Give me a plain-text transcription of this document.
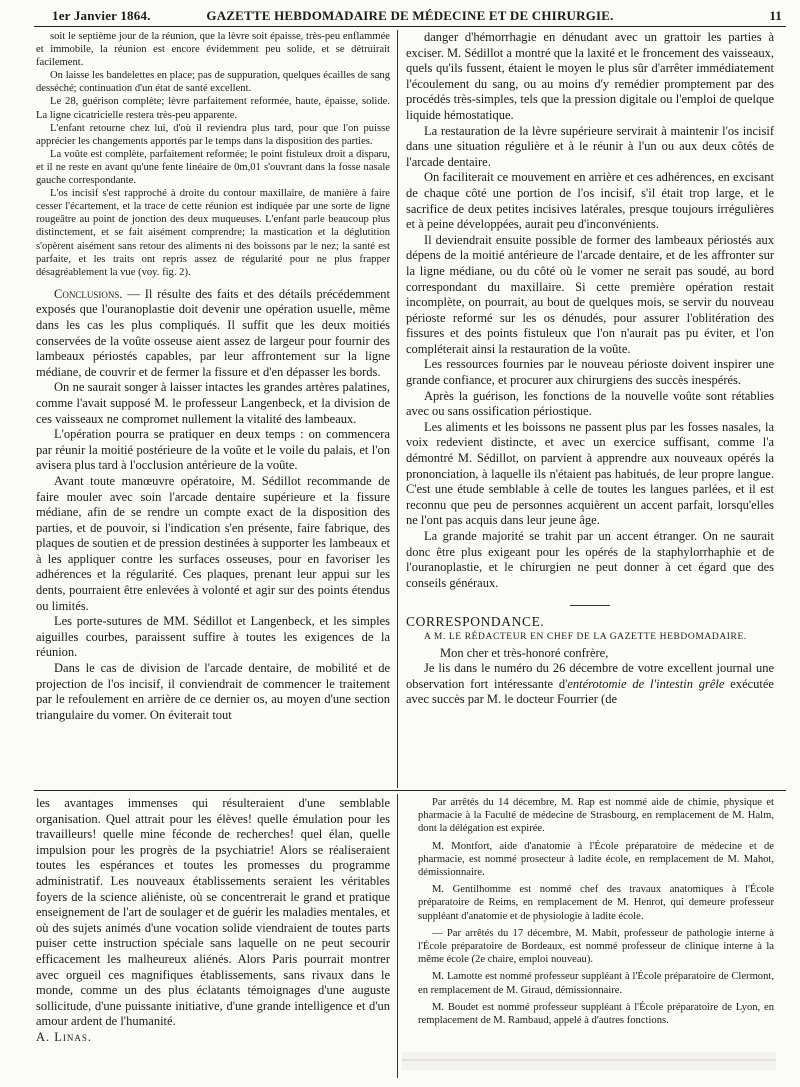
1er Janvier 1864.	GAZETTE HEBDOMADAIRE DE MÉDECINE ET DE CHIRURGIE.	11

soit le septième jour de la réunion, que la lèvre soit épaisse, très-peu enflammée et immobile, la réunion est encore évidemment peu solide, et se détruirait facilement.

On laisse les bandelettes en place; pas de suppuration, quelques écailles de sang desséché; continuation d'un état de santé excellent.

Le 28, guérison complète; lèvre parfaitement reformée, haute, épaisse, solide. La ligne cicatricielle restera très-peu apparente.

L'enfant retourne chez lui, d'où il reviendra plus tard, pour que l'on puisse apprécier les changements apportés par le temps dans la disposition des parties.

La voûte est complète, parfaitement reformée; le point fistuleux droit a disparu, et il ne reste en avant qu'une fente linéaire de 0m,01 s'ouvrant dans la fosse nasale gauche correspondante.

L'os incisif s'est rapproché à droite du contour maxillaire, de manière à faire cesser l'écartement, et la trace de cette réunion est indiquée par une sorte de ligne rougeâtre au point de jonction des deux muqueuses. L'enfant parle beaucoup plus distinctement, et se fait aisément comprendre; la mastication et la déglutition s'opèrent aisément sans retour des aliments ni des boissons par le nez; la santé est parfaite, et les traits ont repris assez de régularité pour ne plus frapper désagréablement la vue (voy. fig. 2).

Conclusions. — Il résulte des faits et des détails précédemment exposés que l'ouranoplastie doit devenir une opération usuelle, même dans les cas les plus compliqués. Il suffit que les deux moitiés conservées de la voûte osseuse aient assez de largeur pour fournir des lambeaux périostés capables, par leur affrontement sur la ligne médiane, de couvrir et de fermer la fissure et d'en dépasser les bords.

On ne saurait songer à laisser intactes les grandes artères palatines, comme l'avait supposé M. le professeur Langenbeck, et la division de ces vaisseaux ne compromet nullement la vitalité des lambeaux.

L'opération pourra se pratiquer en deux temps : on commencera par réunir la moitié postérieure de la voûte et le voile du palais, et l'on avisera plus tard à l'occlusion antérieure de la voûte.

Avant toute manœuvre opératoire, M. Sédillot recommande de faire mouler avec soin l'arcade dentaire supérieure et la fissure médiane, afin de se rendre un compte exact de la disposition des parties, et de pouvoir, si l'indication s'en présente, faire fabrique, des plaques de soutien et de pression destinées à supporter les lambeaux et à les appliquer contre les surfaces osseuses, pour en favoriser les adhérences et la régularité. Ces plaques, prenant leur appui sur les dents, pourraient être enlevées à volonté et agir sur des points étendus ou limités.

Les porte-sutures de MM. Sédillot et Langenbeck, et les simples aiguilles courbes, paraissent suffire à toutes les exigences de la réunion.

Dans le cas de division de l'arcade dentaire, de mobilité et de projection de l'os incisif, il conviendrait de commencer le traitement par le refoulement en arrière de ce dernier os, au moyen d'une section triangulaire du vomer. On éviterait tout

danger d'hémorrhagie en dénudant avec un grattoir les parties à exciser. M. Sédillot a montré que la laxité et le froncement des vaisseaux, quels qu'ils fussent, étaient le moyen le plus sûr d'arrêter immédiatement l'écoulement du sang, ou au moins d'y remédier promptement par des procédés très-simples, tels que la pression digitale ou l'emploi de quelque liquide hémostatique.

La restauration de la lèvre supérieure servirait à maintenir l'os incisif dans une situation régulière et à le réunir à l'un ou aux deux côtés de l'arcade dentaire.

On faciliterait ce mouvement en arrière et ces adhérences, en excisant de chaque côté une portion de l'os incisif, s'il était trop large, et le sacrifice de deux petites incisives latérales, presque toujours irrégulières et à peine développées, aurait peu d'inconvénients.

Il deviendrait ensuite possible de former des lambeaux périostés aux dépens de la moitié antérieure de l'arcade dentaire, et de les affronter sur la ligne médiane, ou du côté où le vomer ne serait pas soudé, au bord correspondant du maxillaire. Si cette première opération restait incomplète, on pourrait, au bout de quelques mois, se servir du nouveau périoste reformé sur les os dénudés, pour assurer l'oblitération des fissures et des points fistuleux que l'on n'aurait pas pu éviter, et l'on compléterait ainsi la restauration de la voûte.

Les ressources fournies par le nouveau périoste doivent inspirer une grande confiance, et procurer aux chirurgiens des succès inespérés.

Après la guérison, les fonctions de la nouvelle voûte sont rétablies avec ou sans ossification périostique.

Les aliments et les boissons ne passent plus par les fosses nasales, la voix redevient distincte, et avec un exercice suffisant, comme l'a démontré M. Sédillot, on parvient à apprendre aux nouveaux opérés la prononciation, à laquelle ils n'étaient pas habitués, de leur propre langue. C'est une étude semblable à celle de toutes les langues parlées, et il est reconnu que peu de personnes acquièrent un accent parfait, lorsqu'elles ne l'ont pas acquis dans leur jeune âge.

La grande majorité se trahit par un accent étranger. On ne saurait donc être plus exigeant pour les opérés de la staphylorrhaphie et de l'ouranoplastie, et le chirurgien ne peut donner à cet égard que des conseils généraux.

CORRESPONDANCE.

A M. LE RÉDACTEUR EN CHEF DE LA GAZETTE HEBDOMADAIRE.

Mon cher et très-honoré confrère,

Je lis dans le numéro du 26 décembre de votre excellent journal une observation fort intéressante d'entérotomie de l'intestin grêle exécutée avec succès par M. le docteur Fourrier (de

les avantages immenses qui résulteraient d'une semblable organisation. Quel attrait pour les élèves! quelle émulation pour les travailleurs! quelle mine féconde de recherches! quel élan, quelle impulsion pour les progrès de la psychiatrie! Alors se réaliseraient toutes les espérances et toutes les promesses du programme administratif. Les nouveaux établissements seraient les véritables foyers de la science aliéniste, où se concentrerait le grand et pratique enseignement de l'art de soulager et de guérir les maladies mentales, et où des sujets animés d'une vocation solide viendraient de toutes parts puiser cette instruction spéciale sans laquelle on ne peut secourir efficacement les malheureux aliénés. Alors Paris pourrait montrer avec orgueil ces magnifiques établissements, sans rivaux dans le monde, comme un des plus éclatants témoignages d'une auguste sollicitude, d'une puissante initiative, d'une grande intelligence et d'un amour ardent de l'humanité.

A. Linas.

Par arrêtés du 14 décembre, M. Rap est nommé aide de chimie, physique et pharmacie à la Faculté de médecine de Strasbourg, en remplacement de M. Halm, dont la délégation est expirée.

M. Montfort, aide d'anatomie à l'École préparatoire de médecine et de pharmacie, est nommé prosecteur à ladite école, en remplacement de M. Mahot, démissionnaire.

M. Gentilhomme est nommé chef des travaux anatomiques à l'École préparatoire de Reims, en remplacement de M. Henrot, qui demeure professeur suppléant d'anatomie et de physiologie à ladite école.

— Par arrêtés du 17 décembre, M. Mabit, professeur de pathologie interne à l'École préparatoire de Bordeaux, est nommé professeur de clinique interne à la même école (2e chaire, emploi nouveau).

M. Lamotte est nommé professeur suppléant à l'École préparatoire de Clermont, en remplacement de M. Giraud, démissionnaire.

M. Boudet est nommé professeur suppléant à l'École préparatoire de Lyon, en remplacement de M. Rambaud, appelé à d'autres fonctions.
